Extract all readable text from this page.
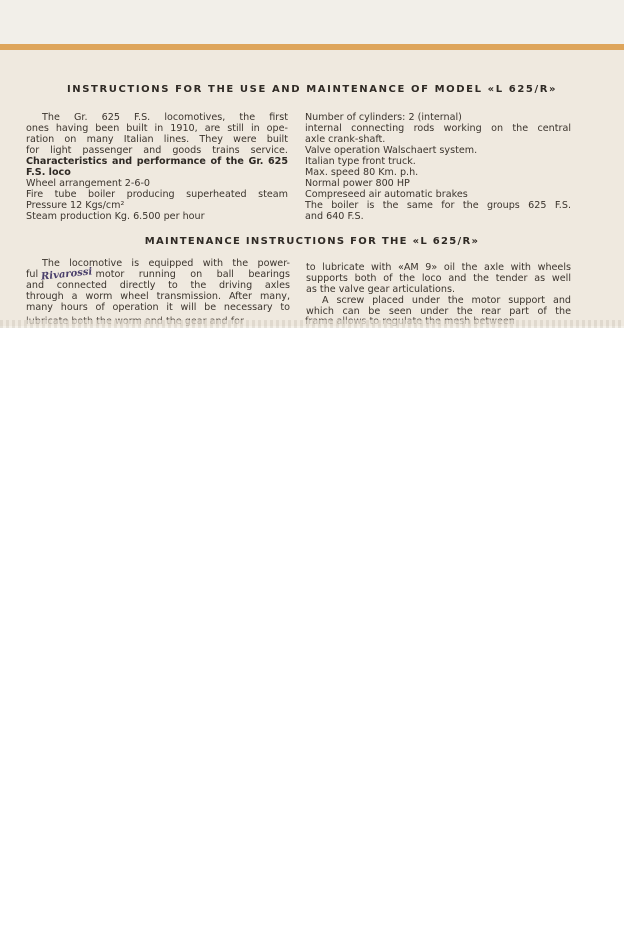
INSTRUCTIONS FOR THE USE AND MAINTENANCE OF MODEL «L 625/R»
The Gr. 625 F.S. locomotives, the first
ones having been built in 1910, are still in ope-
ration on many Italian lines. They were built
for light passenger and goods trains service.
Characteristics and performance of the Gr. 625
F.S. loco
Wheel arrangement 2-6-0
Fire tube boiler producing superheated steam
Pressure 12 Kgs/cm²
Steam production Kg. 6.500 per hour
Number of cylinders: 2 (internal)
internal connecting rods working on the central
axle crank-shaft.
Valve operation Walschaert system.
Italian type front truck.
Max. speed 80 Km. p.h.
Normal power 800 HP
Compreseed air automatic brakes
The boiler is the same for the groups 625 F.S.
and 640 F.S.
MAINTENANCE INSTRUCTIONS FOR THE «L 625/R»
The locomotive is equipped with the power-
ful Rivarossi motor running on ball bearings
and connected directly to the driving axles
through a worm wheel transmission. After many,
many hours of operation it will be necessary to
to lubricate with «AM 9» oil the axle with wheels
supports both of the loco and the tender as well
as the valve gear articulations.
A screw placed under the motor support and
which can be seen under the rear part of the
